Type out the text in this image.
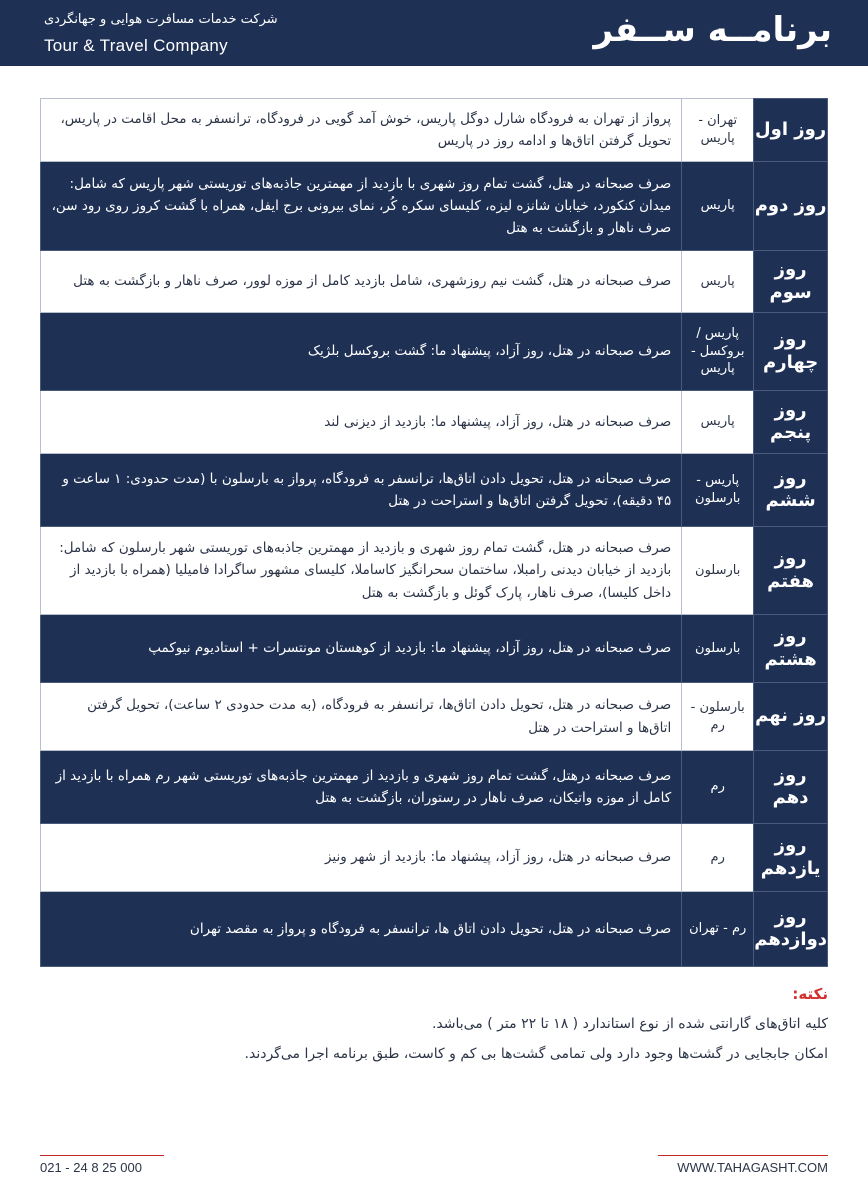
برنامــه ســفر
شرکت خدمات مسافرت هوایی و جهانگردی
Tour & Travel Company
روز اول	تهران - پاریس	پرواز از تهران به فرودگاه شارل دوگل پاریس، خوش آمد گویی در فرودگاه، ترانسفر به محل اقامت در پاریس، تحویل گرفتن اتاق‌ها و ادامه روز در پاریس
روز دوم	پاریس	صرف صبحانه در هتل، گشت تمام روز شهری با بازدید از مهمترین جاذبه‌های توریستی شهر پاریس که شامل: میدان کنکورد، خیابان شانزه لیزه، کلیسای سکره کُر، نمای بیرونی برج ایفل، همراه با گشت کروز روی رود سن، صرف ناهار و بازگشت به هتل
روز سوم	پاریس	صرف صبحانه در هتل، گشت نیم روزشهری، شامل بازدید کامل از موزه لوور، صرف ناهار و بازگشت به هتل
روز چهارم	پاریس / بروکسل - پاریس	صرف صبحانه در هتل، روز آزاد، پیشنهاد ما: گشت بروکسل بلژیک
روز پنجم	پاریس	صرف صبحانه در هتل، روز آزاد، پیشنهاد ما: بازدید از دیزنی لند
روز ششم	پاریس - بارسلون	صرف صبحانه در هتل، تحویل دادن اتاق‌ها، ترانسفر به فرودگاه، پرواز به بارسلون با (مدت حدودی: ۱ ساعت و ۴۵ دقیقه)، تحویل گرفتن اتاق‌ها و استراحت در هتل
روز هفتم	بارسلون	صرف صبحانه در هتل، گشت تمام روز شهری و بازدید از مهمترین جاذبه‌های توریستی شهر بارسلون که شامل: بازدید از خیابان دیدنی رامبلا، ساختمان سحرانگیز کاساملا، کلیسای مشهور ساگرادا فامیلیا (همراه با بازدید از داخل کلیسا)، صرف ناهار، پارک گوئل و بازگشت به هتل
روز هشتم	بارسلون	صرف صبحانه در هتل، روز آزاد، پیشنهاد ما: بازدید از کوهستان مونتسرات + استادیوم نیوکمپ
روز نهم	بارسلون - رم	صرف صبحانه در هتل، تحویل دادن اتاق‌ها، ترانسفر به فرودگاه، (به مدت حدودی ۲ ساعت)، تحویل گرفتن اتاق‌ها و استراحت در هتل
روز دهم	رم	صرف صبحانه درهتل، گشت تمام روز شهری و بازدید از مهمترین جاذبه‌های توریستی شهر رم همراه با بازدید از کامل از موزه واتیکان، صرف ناهار در رستوران، بازگشت به هتل
روز یازدهم	رم	صرف صبحانه در هتل، روز آزاد، پیشنهاد ما: بازدید از شهر ونیز
روز دوازدهم	رم - تهران	صرف صبحانه در هتل، تحویل دادن اتاق ها، ترانسفر به فرودگاه و پرواز به مقصد تهران
نکته:
کلیه اتاق‌های گارانتی شده از نوع استاندارد ( ۱۸ تا ۲۲ متر ) می‌باشد.
امکان جابجایی در گشت‌ها وجود دارد ولی تمامی گشت‌ها بی کم و کاست، طبق برنامه اجرا می‌گردند.
021 - 24 8 25 000	WWW.TAHAGASHT.COM
